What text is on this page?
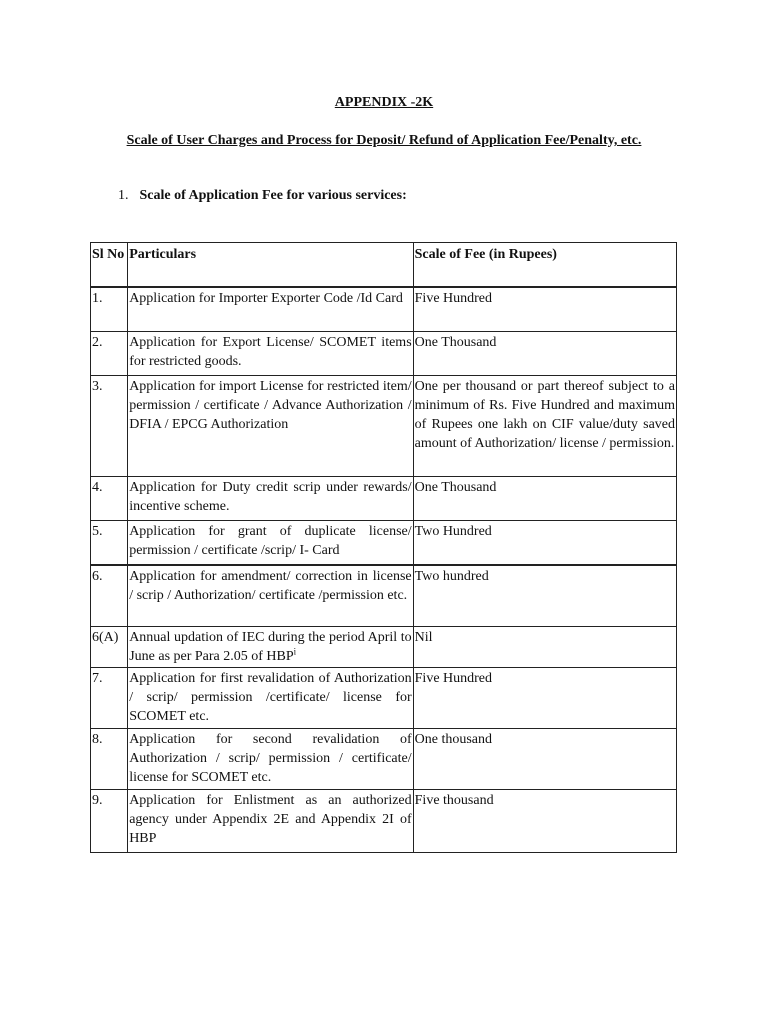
APPENDIX -2K
Scale of User Charges and Process for Deposit/ Refund of Application Fee/Penalty, etc.
1. Scale of Application Fee for various services:
Sl No	Particulars	Scale of Fee (in Rupees)
1.	Application for Importer Exporter Code /Id Card	Five Hundred
2.	Application for Export License/ SCOMET items for restricted goods.	One Thousand
3.	Application for import License for restricted item/ permission / certificate / Advance Authorization / DFIA / EPCG Authorization	One per thousand or part thereof subject to a minimum of Rs. Five Hundred and maximum of Rupees one lakh on CIF value/duty saved amount of Authorization/ license / permission.
4.	Application for Duty credit scrip under rewards/ incentive scheme.	One Thousand
5.	Application for grant of duplicate license/ permission / certificate /scrip/ I- Card	Two Hundred
6.	Application for amendment/ correction in license / scrip / Authorization/ certificate /permission etc.	Two hundred
6(A)	Annual updation of IEC during the period April to June as per Para 2.05 of HBP$^i$	Nil
7.	Application for first revalidation of Authorization / scrip/ permission /certificate/ license for SCOMET etc.	Five Hundred
8.	Application for second revalidation of Authorization / scrip/ permission / certificate/ license for SCOMET etc.	One thousand
9.	Application for Enlistment as an authorized agency under Appendix 2E and Appendix 2I of HBP	Five thousand
